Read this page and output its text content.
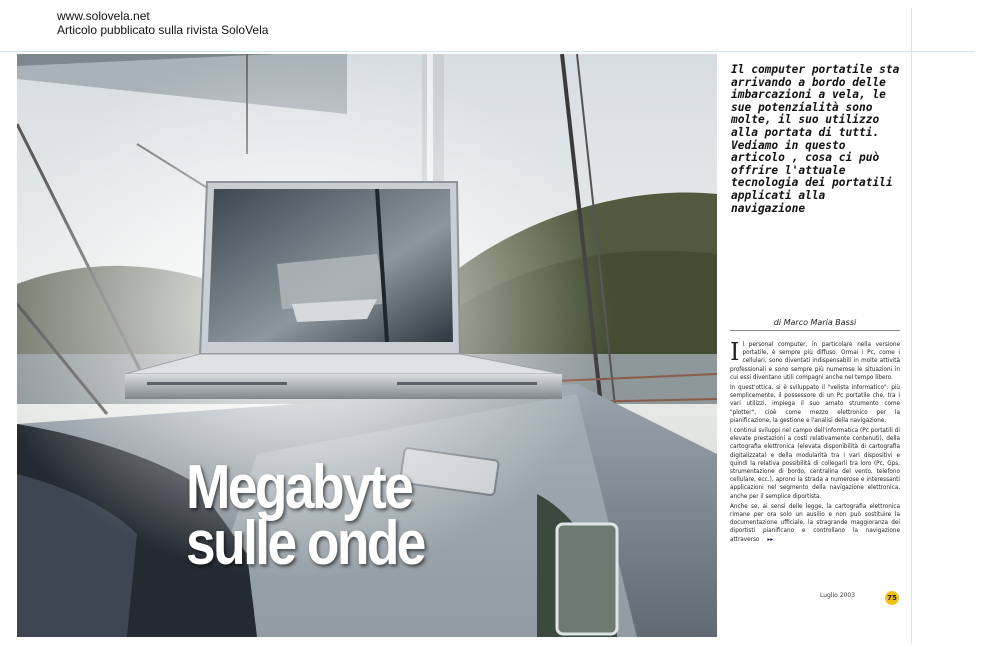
www.solovela.net
Articolo pubblicato sulla rivista SoloVela
Megabyte
sulle onde
Il computer portatile sta arrivando a bordo delle imbarcazioni a vela, le sue potenzialità sono molte, il suo utilizzo alla portata di tutti. Vediamo in questo articolo , cosa ci può offrire l'attuale tecnologia dei portatili applicati alla navigazione
di Marco Maria Bassi

Il personal computer, in particolare nella versione portatile, è sempre più diffuso. Ormai i Pc, come i cellulari, sono diventati indispensabili in molte attività professionali e sono sempre più numerose le situazioni in cui essi diventano utili compagni anche nel tempo libero.

In quest'ottica, si è sviluppato il "velista informatico": più semplicemente, il possessore di un Pc portatile che, tra i vari utilizzi, impiega il suo amato strumento come "plotter", cioè come mezzo elettronico per la pianificazione, la gestione e l'analisi della navigazione.

I continui sviluppi nel campo dell'informatica (Pc portatili di elevate prestazioni a costi relativamente contenuti), della cartografia elettronica (elevata disponibilità di cartografia digitalizzata) e della modularità tra i vari dispositivi e quindi la relativa possibilità di collegarli tra loro (Pc, Gps, strumentazione di bordo, centralina del vento, telefono cellulare, ecc.), aprono la strada a numerose e interessanti applicazioni nel segmento della navigazione elettronica, anche per il semplice diportista.

Anche se, ai sensi delle legge, la cartografia elettronica rimane per ora solo un ausilio e non può sostituire la documentazione ufficiale, la stragrande maggioranza dei diportisti pianificano e controllano la navigazione attraverso ▸▸

Luglio 2003	75
